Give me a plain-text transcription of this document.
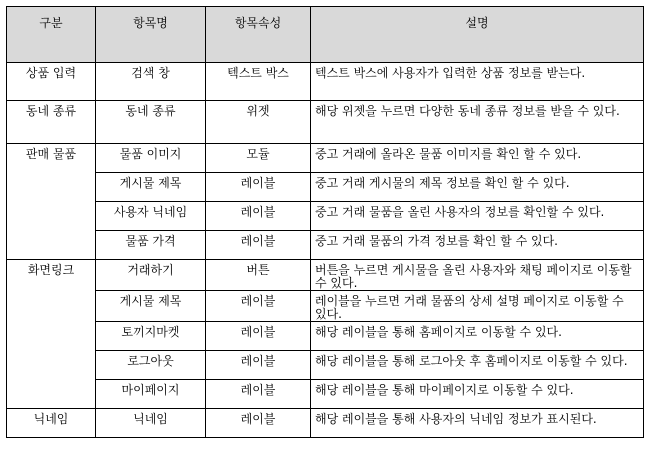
구분	항목명	항목속성	설명
상품 입력	검색 창	텍스트 박스	텍스트 박스에 사용자가 입력한 상품 정보를 받는다.
동네 종류	동네 종류	위젯	해당 위젯을 누르면 다양한 동네 종류 정보를 받을 수 있다.
판매 물품	물품 이미지	모듈	중고 거래에 올라온 물품 이미지를 확인 할 수 있다.
	게시물 제목	레이블	중고 거래 게시물의 제목 정보를 확인 할 수 있다.
	사용자 닉네임	레이블	중고 거래 물품을 올린 사용자의 정보를 확인할 수 있다.
	물품 가격	레이블	중고 거래 물품의 가격 정보를 확인 할 수 있다.
화면링크	거래하기	버튼	버튼을 누르면 게시물을 올린 사용자와 채팅 페이지로 이동할 수 있다.
	게시물 제목	레이블	레이블을 누르면 거래 물품의 상세 설명 페이지로 이동할 수 있다.
	토끼지마켓	레이블	해당 레이블을 통해 홈페이지로 이동할 수 있다.
	로그아웃	레이블	해당 레이블을 통해 로그아웃 후 홈페이지로 이동할 수 있다.
	마이페이지	레이블	해당 레이블을 통해 마이페이지로 이동할 수 있다.
닉네임	닉네임	레이블	해당 레이블을 통해 사용자의 닉네임 정보가 표시된다.
